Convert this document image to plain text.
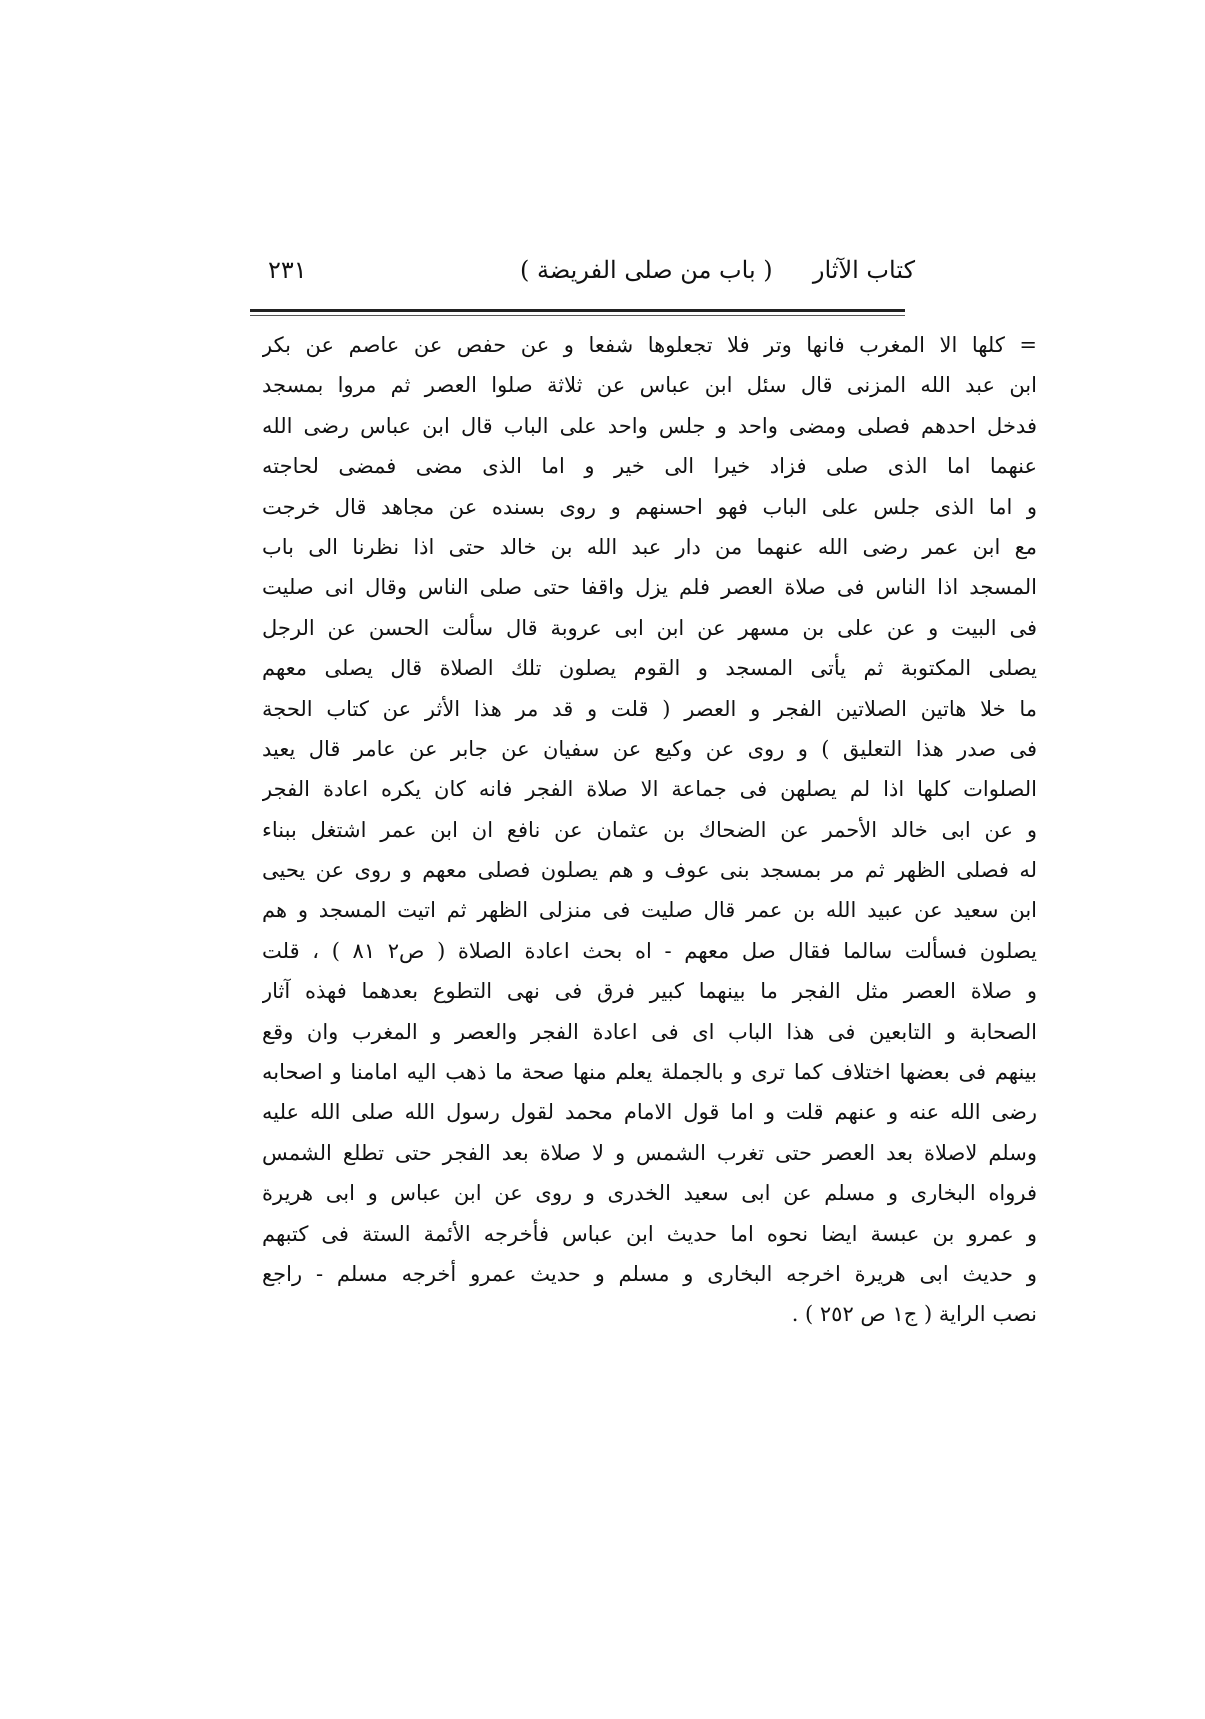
كتاب الآثار
( باب من صلى الفريضة )
٢٣١
= كلها الا المغرب فانها وتر فلا تجعلوها شفعا و عن حفص عن عاصم عن بكر
ابن عبد الله المزنى قال سئل ابن عباس عن ثلاثة صلوا العصر ثم مروا بمسجد
فدخل احدهم فصلى ومضى واحد و جلس واحد على الباب قال ابن عباس رضى الله
عنهما اما الذى صلى فزاد خيرا الى خير و اما الذى مضى فمضى لحاجته
و اما الذى جلس على الباب فهو احسنهم و روى بسنده عن مجاهد قال خرجت
مع ابن عمر رضى الله عنهما من دار عبد الله بن خالد حتى اذا نظرنا الى باب
المسجد اذا الناس فى صلاة العصر فلم يزل واقفا حتى صلى الناس وقال انى صليت
فى البيت و عن على بن مسهر عن ابن ابى عروبة قال سألت الحسن عن الرجل
يصلى المكتوبة ثم يأتى المسجد و القوم يصلون تلك الصلاة قال يصلى معهم
ما خلا هاتين الصلاتين الفجر و العصر ( قلت و قد مر هذا الأثر عن كتاب الحجة
فى صدر هذا التعليق ) و روى عن وكيع عن سفيان عن جابر عن عامر قال يعيد
الصلوات كلها اذا لم يصلهن فى جماعة الا صلاة الفجر فانه كان يكره اعادة الفجر
و عن ابى خالد الأحمر عن الضحاك بن عثمان عن نافع ان ابن عمر اشتغل ببناء
له فصلى الظهر ثم مر بمسجد بنى عوف و هم يصلون فصلى معهم و روى عن يحيى
ابن سعيد عن عبيد الله بن عمر قال صليت فى منزلى الظهر ثم اتيت المسجد و هم
يصلون فسألت سالما فقال صل معهم - اه بحث اعادة الصلاة ( ص٢ ٨١ ) ، قلت
و صلاة العصر مثل الفجر ما بينهما كبير فرق فى نهى التطوع بعدهما فهذه آثار
الصحابة و التابعين فى هذا الباب اى فى اعادة الفجر والعصر و المغرب وان وقع
بينهم فى بعضها اختلاف كما ترى و بالجملة يعلم منها صحة ما ذهب اليه امامنا و اصحابه
رضى الله عنه و عنهم قلت و اما قول الامام محمد لقول رسول الله صلى الله عليه
وسلم لاصلاة بعد العصر حتى تغرب الشمس و لا صلاة بعد الفجر حتى تطلع الشمس
فرواه البخارى و مسلم عن ابى سعيد الخدرى و روى عن ابن عباس و ابى هريرة
و عمرو بن عبسة ايضا نحوه اما حديث ابن عباس فأخرجه الأئمة الستة فى كتبهم
و حديث ابى هريرة اخرجه البخارى و مسلم و حديث عمرو أخرجه مسلم - راجع
نصب الراية ( ج١ ص ٢٥٢ ) .
